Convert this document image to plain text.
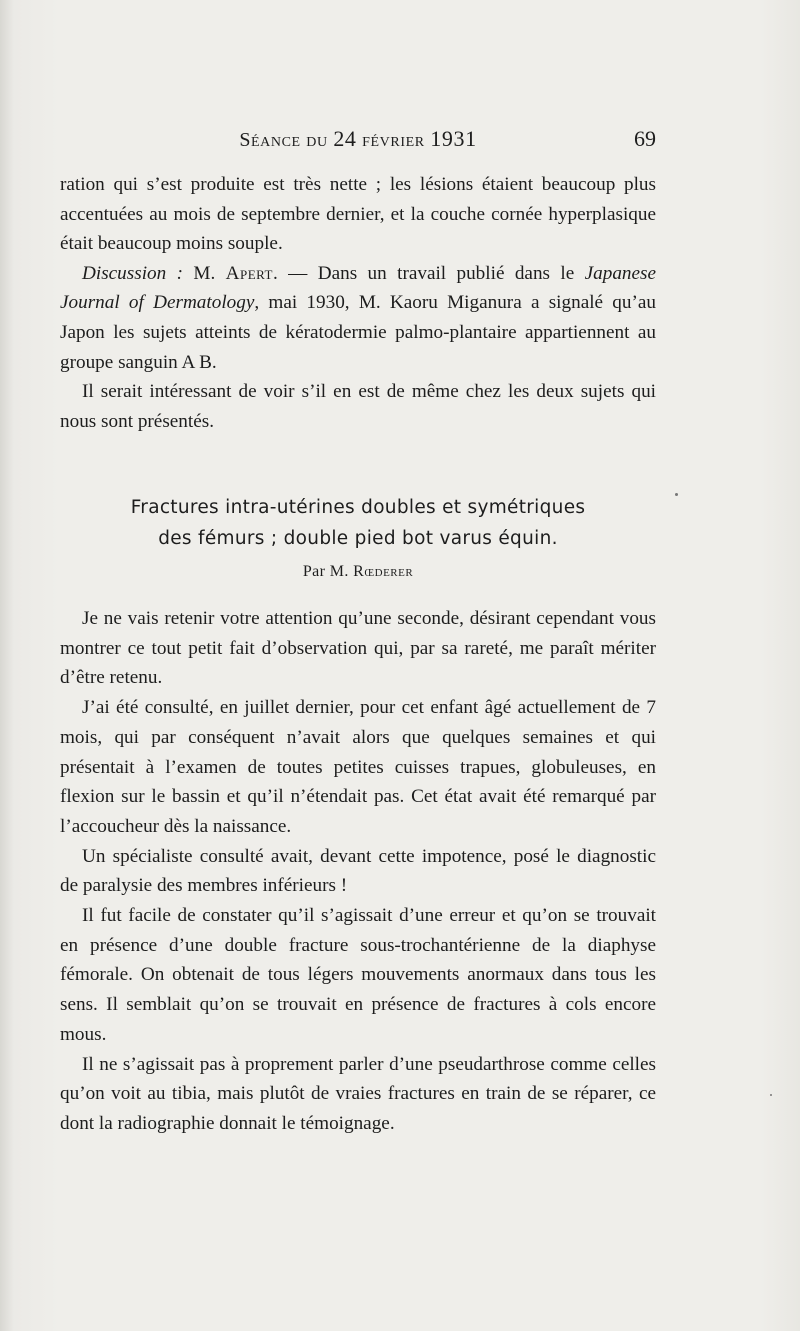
Séance du 24 février 1931	69

ration qui s’est produite est très nette ; les lésions étaient beaucoup plus accentuées au mois de septembre dernier, et la couche cornée hyperplasique était beaucoup moins souple.

Discussion : M. Apert. — Dans un travail publié dans le Japanese Journal of Dermatology, mai 1930, M. Kaoru Miganura a signalé qu’au Japon les sujets atteints de kératodermie palmo-plantaire appartiennent au groupe sanguin A B.

Il serait intéressant de voir s’il en est de même chez les deux sujets qui nous sont présentés.

Fractures intra-utérines doubles et symétriques
des fémurs ; double pied bot varus équin.
Par M. Rœderer

Je ne vais retenir votre attention qu’une seconde, désirant cependant vous montrer ce tout petit fait d’observation qui, par sa rareté, me paraît mériter d’être retenu.

J’ai été consulté, en juillet dernier, pour cet enfant âgé actuellement de 7 mois, qui par conséquent n’avait alors que quelques semaines et qui présentait à l’examen de toutes petites cuisses trapues, globuleuses, en flexion sur le bassin et qu’il n’étendait pas. Cet état avait été remarqué par l’accoucheur dès la naissance.

Un spécialiste consulté avait, devant cette impotence, posé le diagnostic de paralysie des membres inférieurs !

Il fut facile de constater qu’il s’agissait d’une erreur et qu’on se trouvait en présence d’une double fracture sous-trochantérienne de la diaphyse fémorale. On obtenait de tous légers mouvements anormaux dans tous les sens. Il semblait qu’on se trouvait en présence de fractures à cols encore mous.

Il ne s’agissait pas à proprement parler d’une pseudarthrose comme celles qu’on voit au tibia, mais plutôt de vraies fractures en train de se réparer, ce dont la radiographie donnait le témoignage.
